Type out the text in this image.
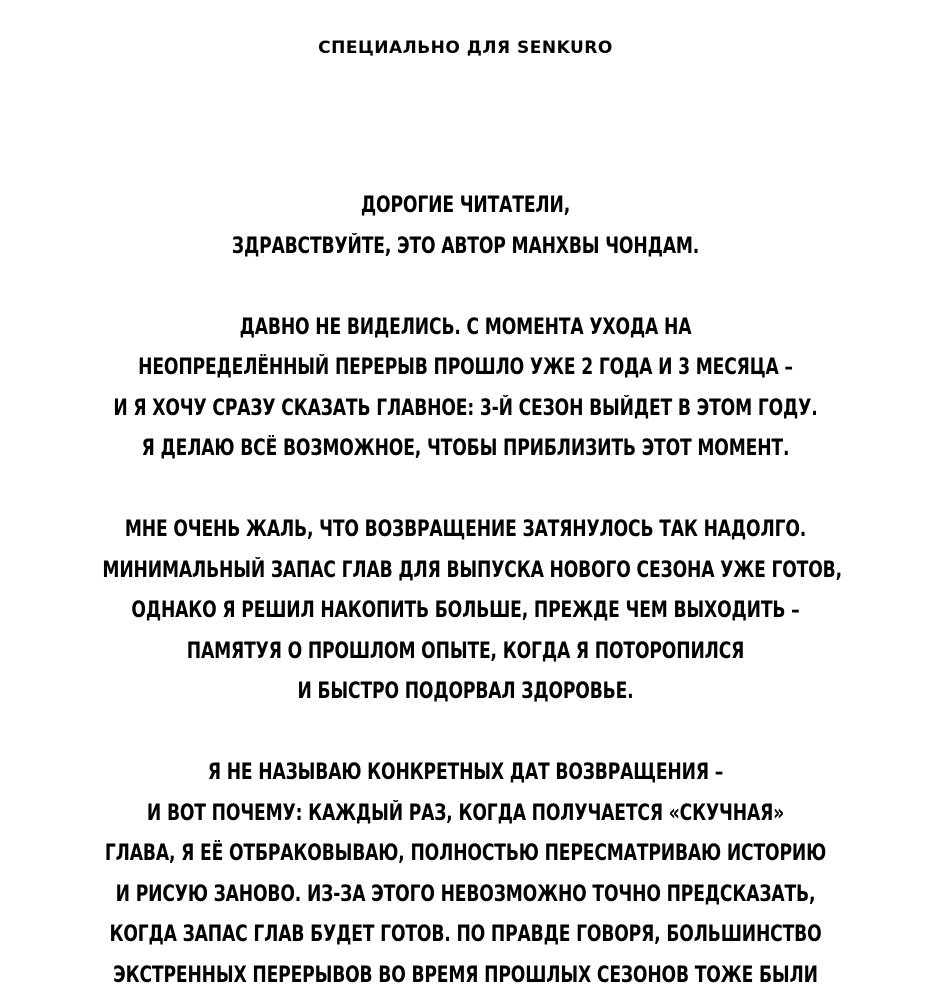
СПЕЦИАЛЬНО ДЛЯ SENKURO
ДОРОГИЕ ЧИТАТЕЛИ,
ЗДРАВСТВУЙТЕ, ЭТО АВТОР МАНХВЫ ЧОНДАМ.
ДАВНО НЕ ВИДЕЛИСЬ. С МОМЕНТА УХОДА НА
НЕОПРЕДЕЛЁННЫЙ ПЕРЕРЫВ ПРОШЛО УЖЕ 2 ГОДА И 3 МЕСЯЦА –
И Я ХОЧУ СРАЗУ СКАЗАТЬ ГЛАВНОЕ: 3-Й СЕЗОН ВЫЙДЕТ В ЭТОМ ГОДУ.
Я ДЕЛАЮ ВСЁ ВОЗМОЖНОЕ, ЧТОБЫ ПРИБЛИЗИТЬ ЭТОТ МОМЕНТ.
МНЕ ОЧЕНЬ ЖАЛЬ, ЧТО ВОЗВРАЩЕНИЕ ЗАТЯНУЛОСЬ ТАК НАДОЛГО.
МИНИМАЛЬНЫЙ ЗАПАС ГЛАВ ДЛЯ ВЫПУСКА НОВОГО СЕЗОНА УЖЕ ГОТОВ,
ОДНАКО Я РЕШИЛ НАКОПИТЬ БОЛЬШЕ, ПРЕЖДЕ ЧЕМ ВЫХОДИТЬ –
ПАМЯТУЯ О ПРОШЛОМ ОПЫТЕ, КОГДА Я ПОТОРОПИЛСЯ
И БЫСТРО ПОДОРВАЛ ЗДОРОВЬЕ.
Я НЕ НАЗЫВАЮ КОНКРЕТНЫХ ДАТ ВОЗВРАЩЕНИЯ –
И ВОТ ПОЧЕМУ: КАЖДЫЙ РАЗ, КОГДА ПОЛУЧАЕТСЯ «СКУЧНАЯ»
ГЛАВА, Я ЕЁ ОТБРАКОВЫВАЮ, ПОЛНОСТЬЮ ПЕРЕСМАТРИВАЮ ИСТОРИЮ
И РИСУЮ ЗАНОВО. ИЗ-ЗА ЭТОГО НЕВОЗМОЖНО ТОЧНО ПРЕДСКАЗАТЬ,
КОГДА ЗАПАС ГЛАВ БУДЕТ ГОТОВ. ПО ПРАВДЕ ГОВОРЯ, БОЛЬШИНСТВО
ЭКСТРЕННЫХ ПЕРЕРЫВОВ ВО ВРЕМЯ ПРОШЛЫХ СЕЗОНОВ ТОЖЕ БЫЛИ
